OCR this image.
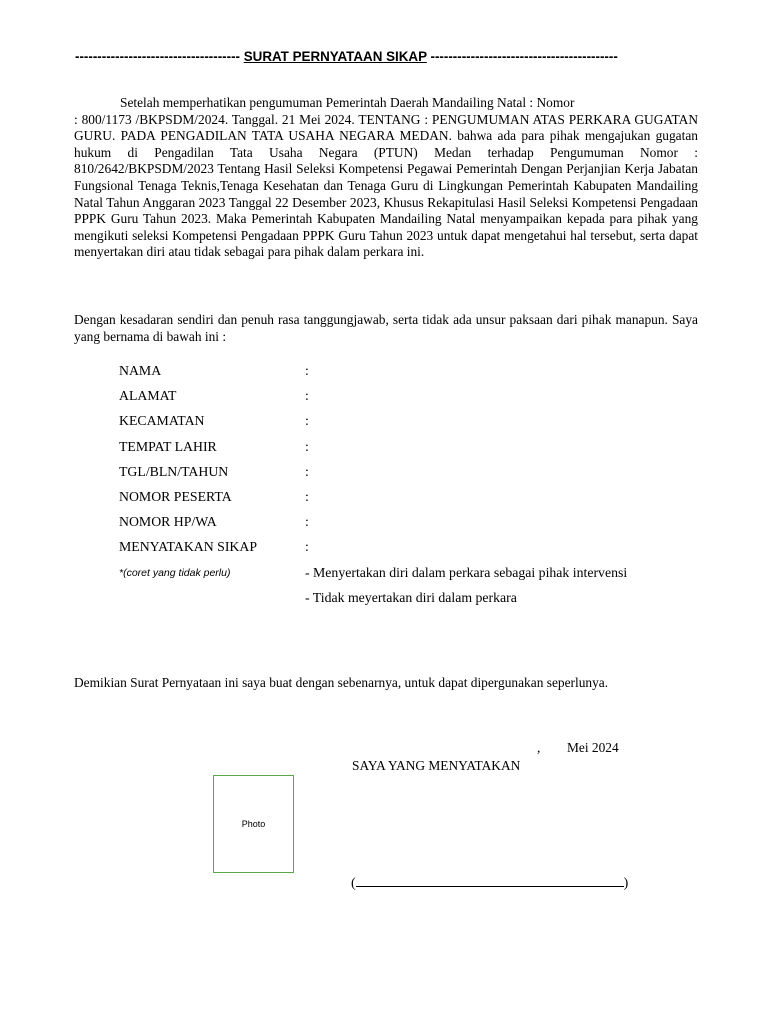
------------------------------------- SURAT PERNYATAAN SIKAP ------------------------------------------

Setelah memperhatikan pengumuman Pemerintah Daerah Mandailing Natal : Nomor

: 800/1173 /BKPSDM/2024. Tanggal. 21 Mei 2024. TENTANG : PENGUMUMAN ATAS PERKARA GUGATAN GURU. PADA PENGADILAN TATA USAHA NEGARA MEDAN. bahwa ada para pihak mengajukan gugatan hukum di Pengadilan Tata Usaha Negara (PTUN) Medan terhadap Pengumuman Nomor : 810/2642/BKPSDM/2023 Tentang Hasil Seleksi Kompetensi Pegawai Pemerintah Dengan Perjanjian Kerja Jabatan Fungsional Tenaga Teknis,Tenaga Kesehatan dan Tenaga Guru di Lingkungan Pemerintah Kabupaten Mandailing Natal Tahun Anggaran 2023 Tanggal 22 Desember 2023, Khusus Rekapitulasi Hasil Seleksi Kompetensi Pengadaan PPPK Guru Tahun 2023. Maka Pemerintah Kabupaten Mandailing Natal menyampaikan kepada para pihak yang mengikuti seleksi Kompetensi Pengadaan PPPK Guru Tahun 2023 untuk dapat mengetahui hal tersebut, serta dapat menyertakan diri atau tidak sebagai para pihak dalam perkara ini.

Dengan kesadaran sendiri dan penuh rasa tanggungjawab, serta tidak ada unsur paksaan dari pihak manapun. Saya yang bernama di bawah ini :

NAMA	:
ALAMAT	:
KECAMATAN	:
TEMPAT LAHIR	:
TGL/BLN/TAHUN	:
NOMOR PESERTA	:
NOMOR HP/WA	:
MENYATAKAN SIKAP	:
*(coret yang tidak perlu)	- Menyertakan diri dalam perkara sebagai pihak intervensi
- Tidak meyertakan diri dalam perkara

Demikian Surat Pernyataan ini saya buat dengan sebenarnya, untuk dapat dipergunakan seperlunya.

, Mei 2024
SAYA YANG MENYATAKAN
Photo
(	)
